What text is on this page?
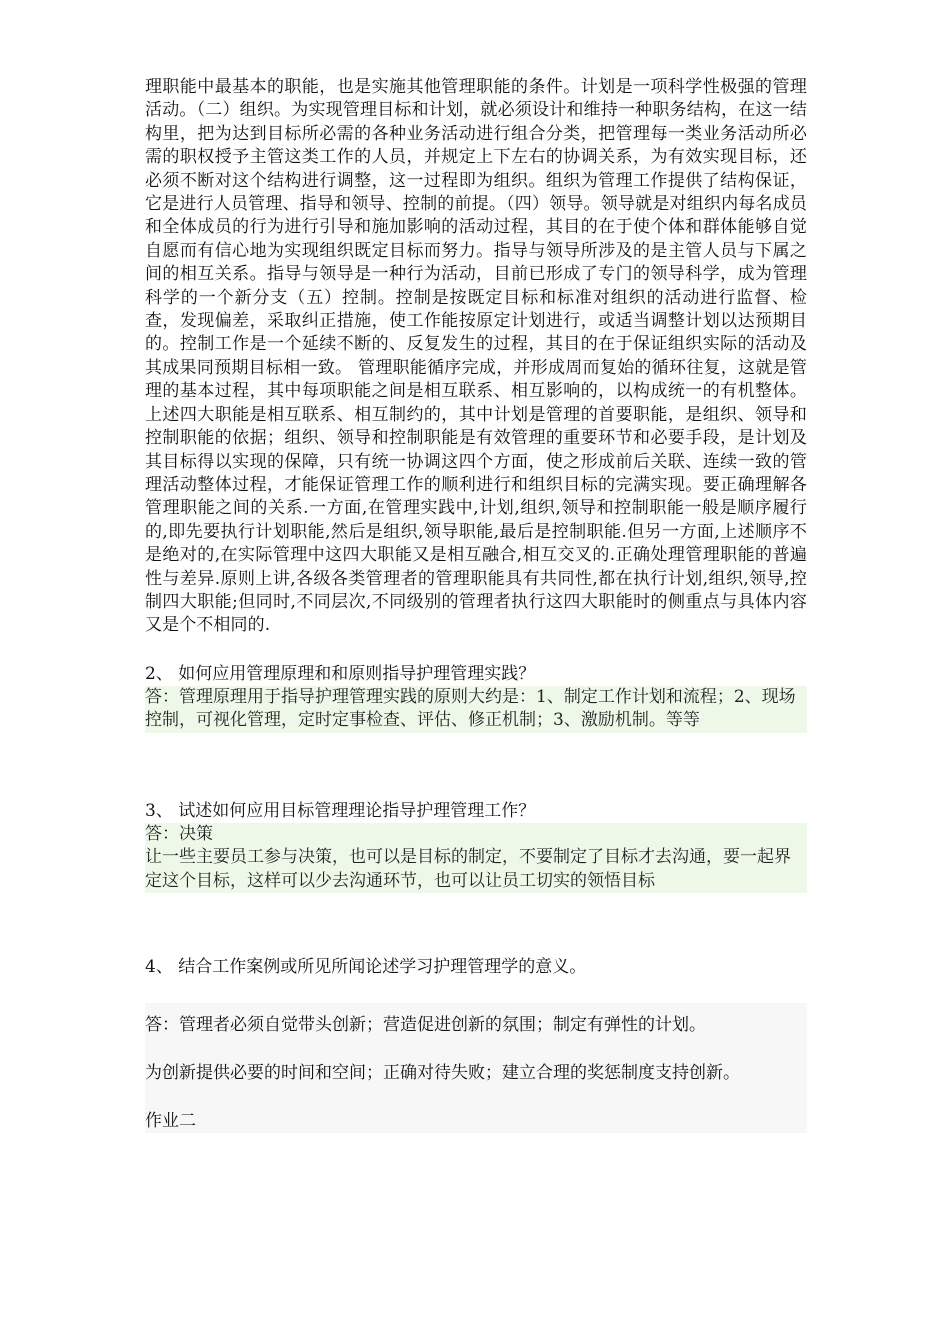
理职能中最基本的职能，也是实施其他管理职能的条件。计划是一项科学性极强的管理活动。（二）组织。为实现管理目标和计划，就必须设计和维持一种职务结构，在这一结构里，把为达到目标所必需的各种业务活动进行组合分类，把管理每一类业务活动所必需的职权授予主管这类工作的人员，并规定上下左右的协调关系，为有效实现目标，还必须不断对这个结构进行调整，这一过程即为组织。组织为管理工作提供了结构保证，它是进行人员管理、指导和领导、控制的前提。（四）领导。领导就是对组织内每名成员和全体成员的行为进行引导和施加影响的活动过程，其目的在于使个体和群体能够自觉自愿而有信心地为实现组织既定目标而努力。指导与领导所涉及的是主管人员与下属之间的相互关系。指导与领导是一种行为活动，目前已形成了专门的领导科学，成为管理科学的一个新分支（五）控制。控制是按既定目标和标准对组织的活动进行监督、检查，发现偏差，采取纠正措施，使工作能按原定计划进行，或适当调整计划以达预期目的。控制工作是一个延续不断的、反复发生的过程，其目的在于保证组织实际的活动及其成果同预期目标相一致。 管理职能循序完成，并形成周而复始的循环往复，这就是管理的基本过程，其中每项职能之间是相互联系、相互影响的，以构成统一的有机整体。上述四大职能是相互联系、相互制约的，其中计划是管理的首要职能，是组织、领导和控制职能的依据；组织、领导和控制职能是有效管理的重要环节和必要手段，是计划及其目标得以实现的保障，只有统一协调这四个方面，使之形成前后关联、连续一致的管理活动整体过程，才能保证管理工作的顺利进行和组织目标的完满实现。要正确理解各管理职能之间的关系.一方面,在管理实践中,计划,组织,领导和控制职能一般是顺序履行的,即先要执行计划职能,然后是组织,领导职能,最后是控制职能.但另一方面,上述顺序不是绝对的,在实际管理中这四大职能又是相互融合,相互交叉的.正确处理管理职能的普遍性与差异.原则上讲,各级各类管理者的管理职能具有共同性,都在执行计划,组织,领导,控制四大职能;但同时,不同层次,不同级别的管理者执行这四大职能时的侧重点与具体内容又是个不相同的.

2、 如何应用管理原理和和原则指导护理管理实践？

答：管理原理用于指导护理管理实践的原则大约是：1、制定工作计划和流程；2、现场控制，可视化管理，定时定事检查、评估、修正机制；3、激励机制。等等

3、 试述如何应用目标管理理论指导护理管理工作？

答：决策
让一些主要员工参与决策，也可以是目标的制定，不要制定了目标才去沟通，要一起界定这个目标，这样可以少去沟通环节，也可以让员工切实的领悟目标

4、 结合工作案例或所见所闻论述学习护理管理学的意义。

答：管理者必须自觉带头创新；营造促进创新的氛围；制定有弹性的计划。
为创新提供必要的时间和空间；正确对待失败；建立合理的奖惩制度支持创新。
作业二
